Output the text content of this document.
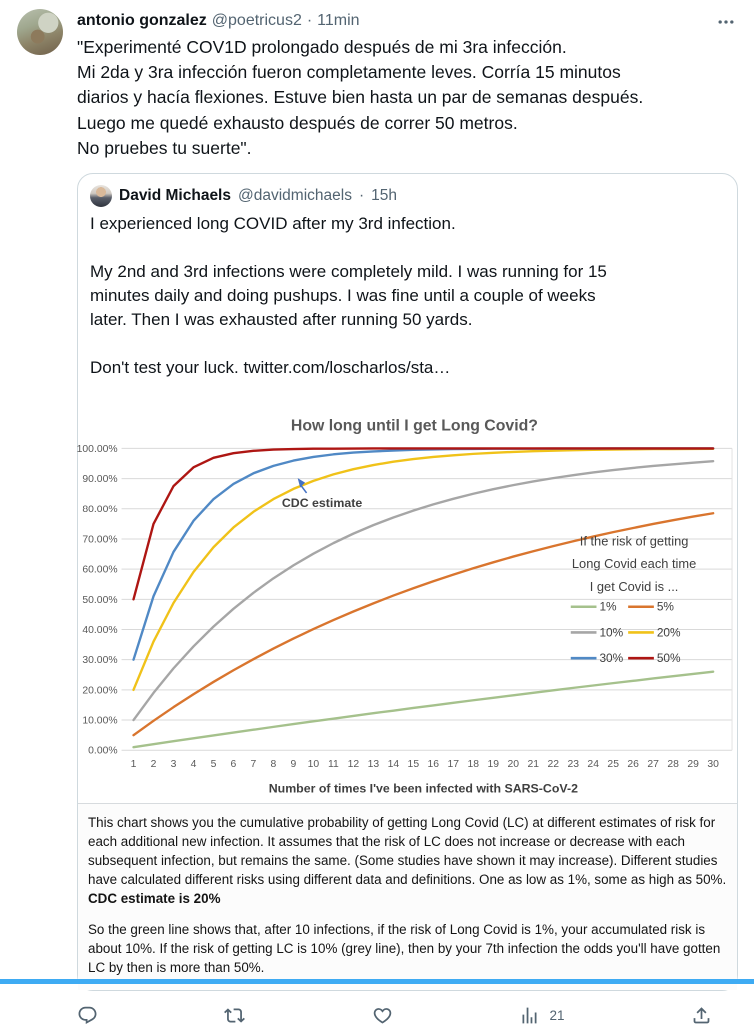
antonio gonzalez @poetricus2 · 11min
"Experimenté COV1D prolongado después de mi 3ra infección.
Mi 2da y 3ra infección fueron completamente leves. Corría 15 minutos
diarios y hacía flexiones. Estuve bien hasta un par de semanas después.
Luego me quedé exhausto después de correr 50 metros.
No pruebes tu suerte".
David Michaels @davidmichaels · 15h
I experienced long COVID after my 3rd infection.

My 2nd and 3rd infections were completely mild. I was running for 15
minutes daily and doing pushups. I was fine until a couple of weeks
later. Then I was exhausted after running 50 yards.

Don't test your luck. twitter.com/loscharlos/sta…
0.00%
10.00%
20.00%
30.00%
40.00%
50.00%
60.00%
70.00%
80.00%
90.00%
100.00%
1 2 3 4 5 6 7 8 9 10 11 12 13 14 15 16 17 18 19 20 21 22 23 24 25 26 27 28 29 30
How long until I get Long Covid?
Number of times I've been infected with SARS-CoV-2
CDC estimate
If the risk of getting
Long Covid each time
I get Covid is ...
1%	5%
10%	20%
30%	50%
This chart shows you the cumulative probability of getting Long Covid (LC) at different estimates of risk for each additional new infection. It assumes that the risk of LC does not increase or decrease with each subsequent infection, but remains the same. (Some studies have shown it may increase). Different studies have calculated different risks using different data and definitions. One as low as 1%, some as high as 50%. CDC estimate is 20%
So the green line shows that, after 10 infections, if the risk of Long Covid is 1%, your accumulated risk is about 10%. If the risk of getting LC is 10% (grey line), then by your 7th infection the odds you'll have gotten LC by then is more than 50%.
21
